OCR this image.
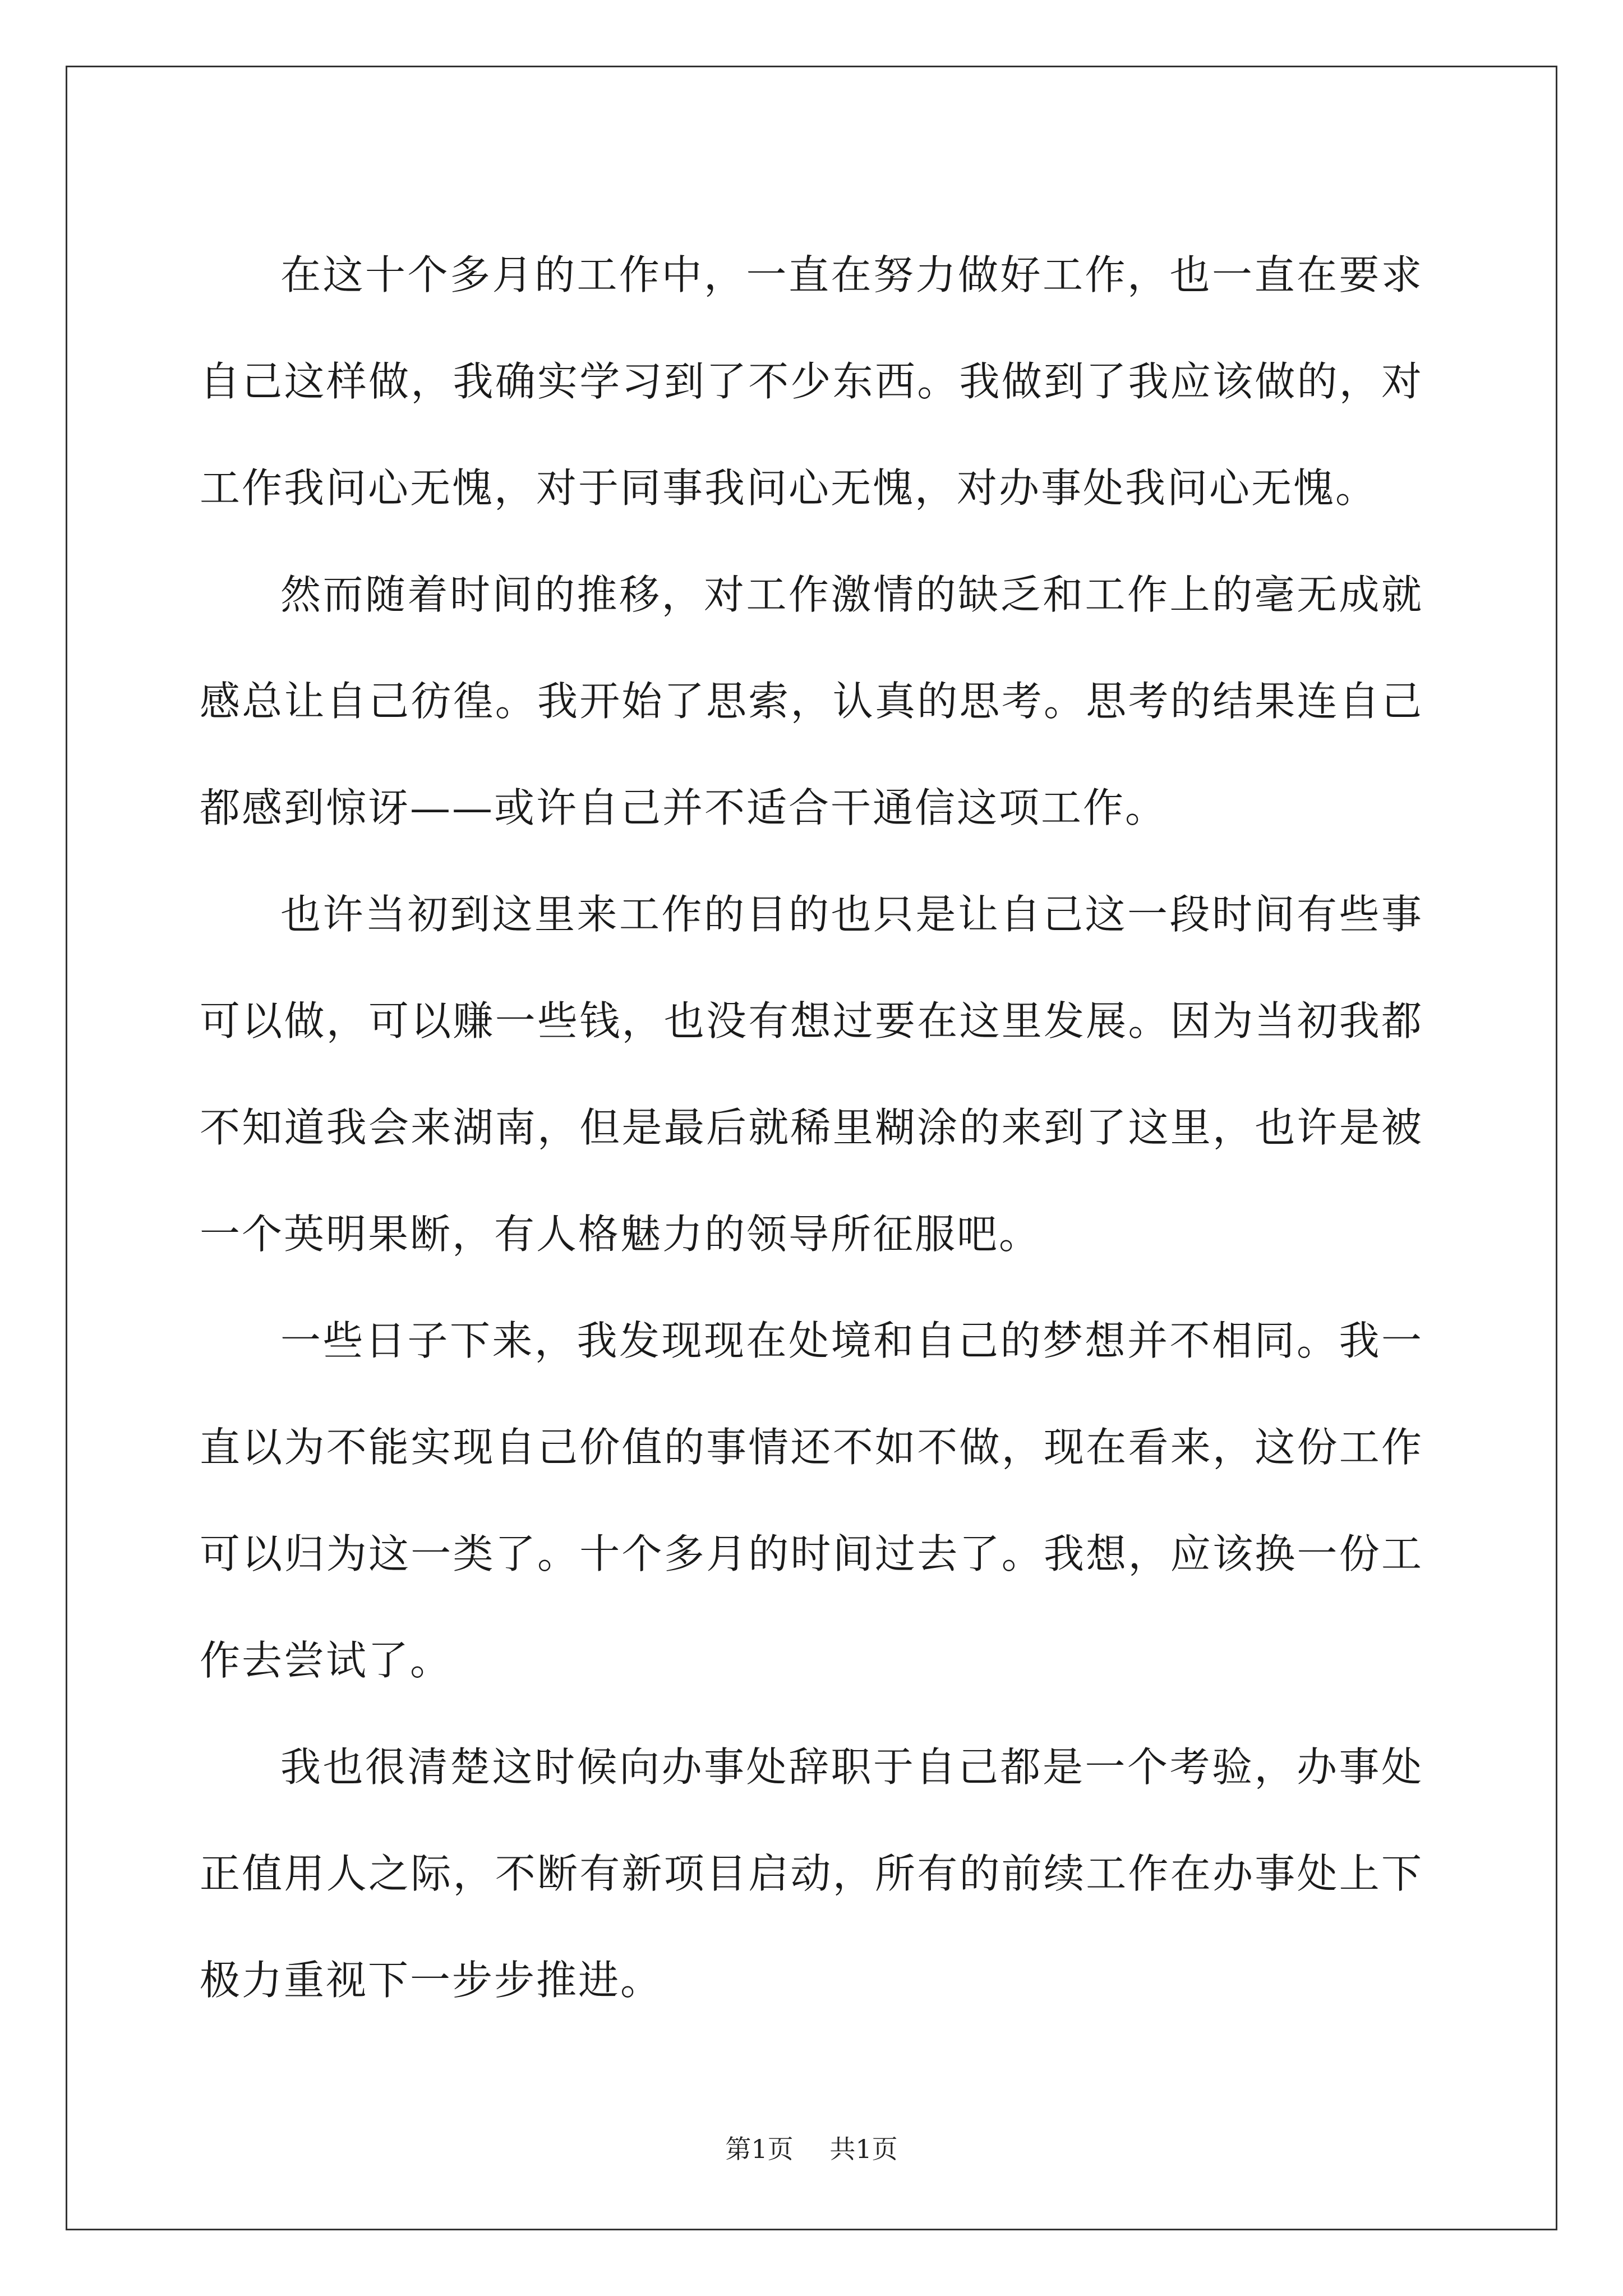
在这十个多月的工作中，一直在努力做好工作，也一直在要求自己这样做，我确实学习到了不少东西。我做到了我应该做的，对工作我问心无愧，对于同事我问心无愧，对办事处我问心无愧。

然而随着时间的推移，对工作激情的缺乏和工作上的毫无成就感总让自己彷徨。我开始了思索，认真的思考。思考的结果连自己都感到惊讶——或许自己并不适合干通信这项工作。

也许当初到这里来工作的目的也只是让自己这一段时间有些事可以做，可以赚一些钱，也没有想过要在这里发展。因为当初我都不知道我会来湖南，但是最后就稀里糊涂的来到了这里，也许是被一个英明果断，有人格魅力的领导所征服吧。

一些日子下来，我发现现在处境和自己的梦想并不相同。我一直以为不能实现自己价值的事情还不如不做，现在看来，这份工作可以归为这一类了。十个多月的时间过去了。我想，应该换一份工作去尝试了。

我也很清楚这时候向办事处辞职于自己都是一个考验，办事处正值用人之际，不断有新项目启动，所有的前续工作在办事处上下极力重视下一步步推进。

第1页 共1页
